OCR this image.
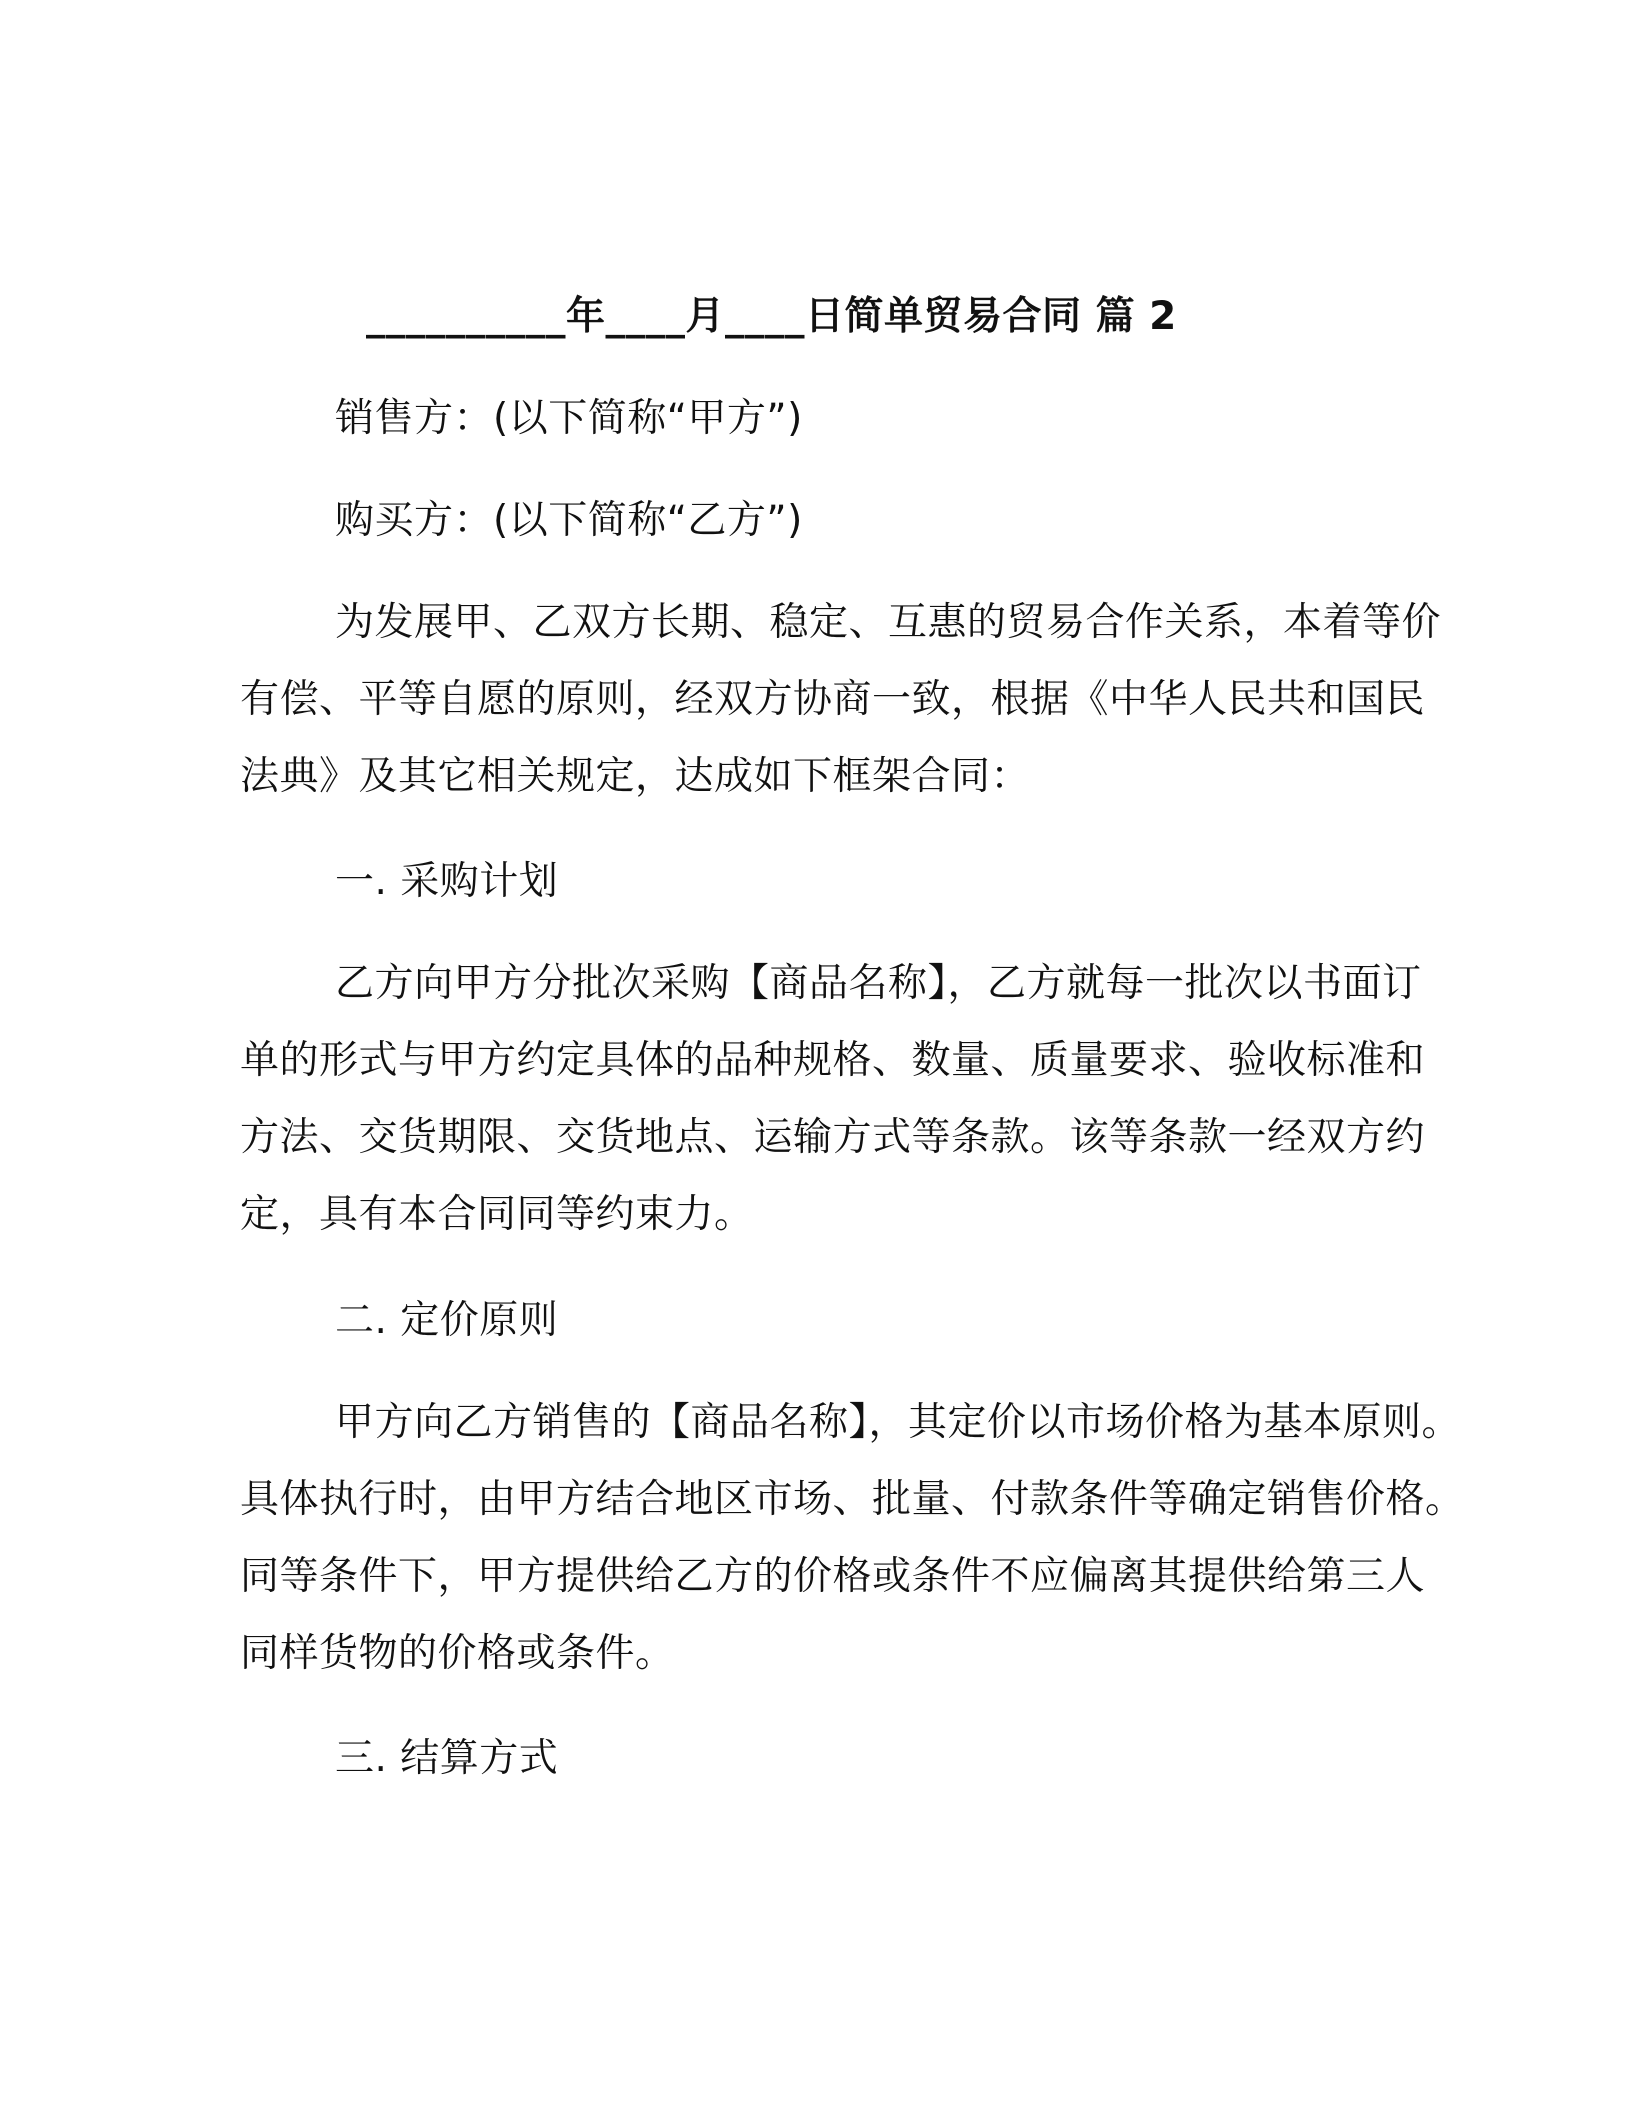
__________年____月____日简单贸易合同 篇 2
销售方：(以下简称“甲方”)
购买方：(以下简称“乙方”)
为发展甲、乙双方长期、稳定、互惠的贸易合作关系，本着等价
有偿、平等自愿的原则，经双方协商一致，根据《中华人民共和国民
法典》及其它相关规定，达成如下框架合同：
一. 采购计划
乙方向甲方分批次采购【商品名称】，乙方就每一批次以书面订
单的形式与甲方约定具体的品种规格、数量、质量要求、验收标准和
方法、交货期限、交货地点、运输方式等条款。该等条款一经双方约
定，具有本合同同等约束力。
二. 定价原则
甲方向乙方销售的【商品名称】，其定价以市场价格为基本原则。
具体执行时，由甲方结合地区市场、批量、付款条件等确定销售价格。
同等条件下，甲方提供给乙方的价格或条件不应偏离其提供给第三人
同样货物的价格或条件。
三. 结算方式
